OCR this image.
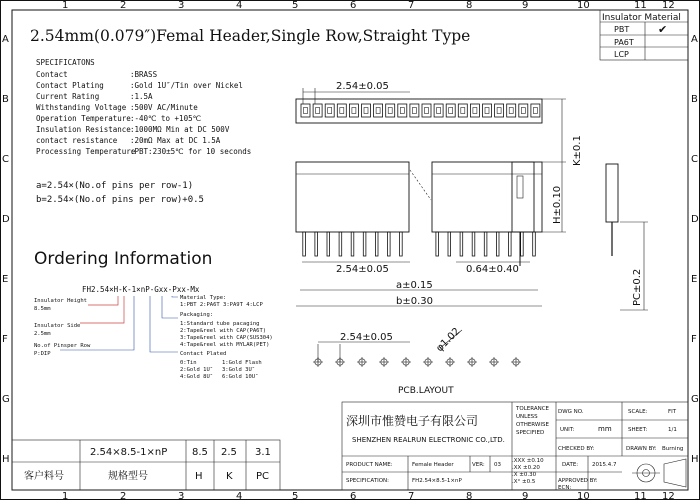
1	2	3	4	5	6	7	8	9	10	11 12
1	2	3	4	5	6	7	8	9	10	11 12
A
B
C
D
E
F
G
H
A
B
C
D
E
F
G
H
2.54mm(0.079″)Femal Header,Single Row,Straight Type
Insulator Material
PBT	✔
PA6T
LCP
SPECIFICATONS
Contact	:BRASS
Contact Plating	:Gold 1U″/Tin over Nickel
Current Rating	:1.5A
Withstanding Voltage :500V AC/Minute
Operation Temperature :-40℃ to +105℃
Insulation Resistance :1000MΩ Min at DC 500V
contact resistance :20mΩ Max at DC 1.5A
Processing Temperature
:PBT:230±5℃ for 10 seconds
a=2.54×(No.of pins per row-1)
b=2.54×(No.of pins per row)+0.5
Ordering Information
FH2.54×H-K-1×nP-Gxx-Pxx-Mx
Insulator Height
8.5mm
Insulator Side
2.5mm
No.of Pinsper Row
P:DIP
Material Type:
1:PBT 2:PA6T 3:PA9T 4:LCP
Packaging:
1:Standard tube pacaging
2:Tape&reel with CAP(PA6T)
3:Tape&reel with CAP(SUS304)
4:Tape&reel with MYLAR(PET)
Contact Plated
0:Tin	1:Gold Flash
2:Gold 1U″ 3:Gold 3U″
4:Gold 8U″ 6:Gold 10U″
2.54±0.05
K±0.1
H±0.10
2.54±0.05	0.64±0.40
a±0.15
b±0.30	PC±0.2
2.54±0.05	φ1.02
PCB.LAYOUT
2.54×8.5-1×nP 8.5 2.5 3.1
客户料号	规格型号	H K PC
深圳市惟赞电子有限公司
SHENZHEN REALRUN ELECTRONIC CO.,LTD.
TOLERANCE
UNLESS
OTHERWISE
SPECIFIED
DWG NO.	SCALE:	FIT
UNIT:	mm	SHEET:	1/1
CHECKED BY:	DRAWN BY: Burning
PRODUCT NAME:	Female Header	VER: 03
.XXX ±0.10
.XX ±0.20
.X ±0.30
.X° ±0.5
DATE:	2015.4.7
SPECIFICATION:	FH2.54×8.5-1×nP	APPROVED BY:
ECN:
